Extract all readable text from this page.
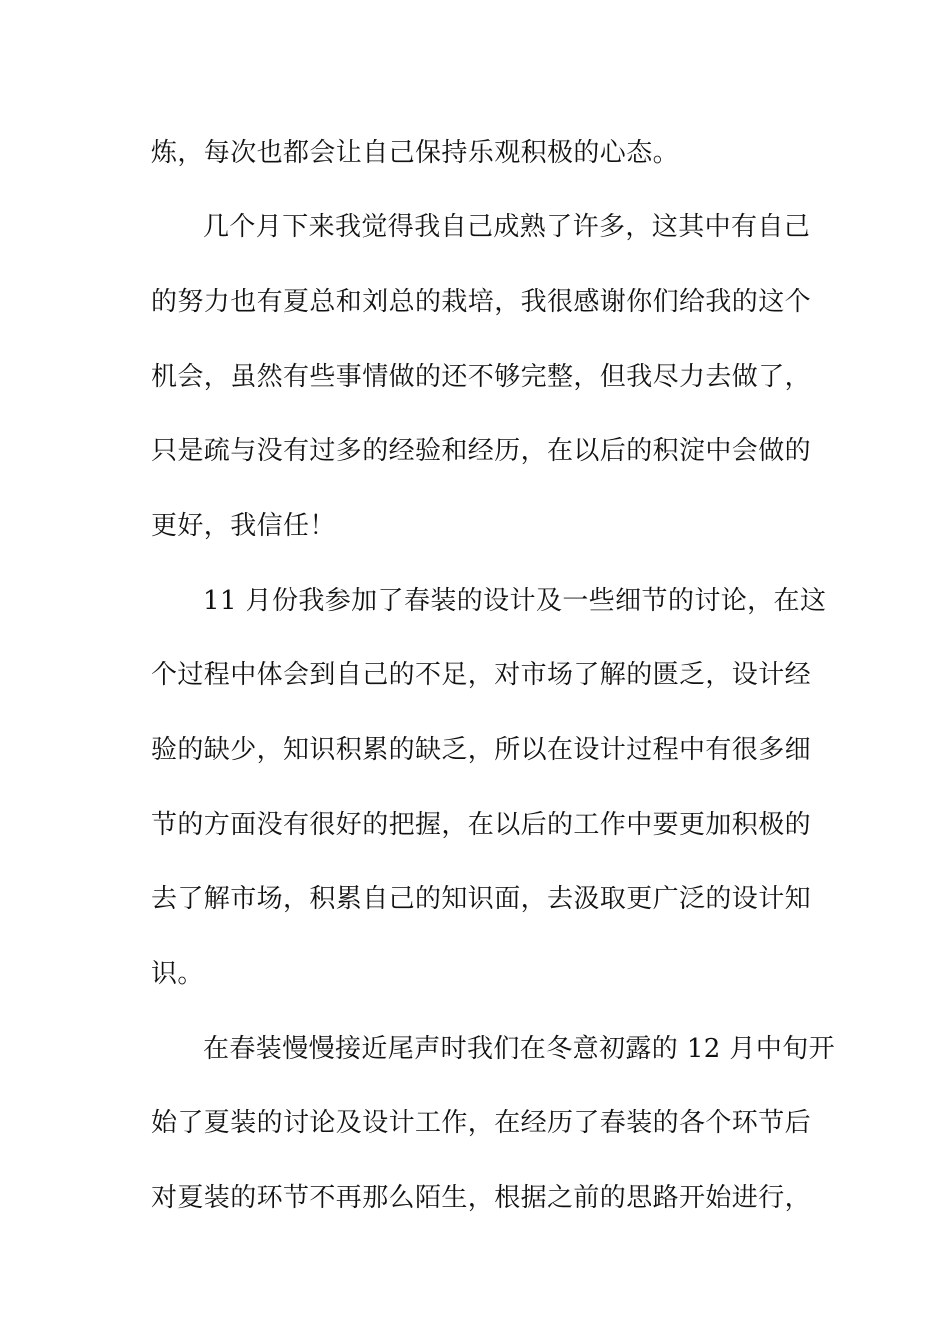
炼，每次也都会让自己保持乐观积极的心态。
几个月下来我觉得我自己成熟了许多，这其中有自己
的努力也有夏总和刘总的栽培，我很感谢你们给我的这个
机会，虽然有些事情做的还不够完整，但我尽力去做了，
只是疏与没有过多的经验和经历，在以后的积淀中会做的
更好，我信任！
11 月份我参加了春装的设计及一些细节的讨论，在这
个过程中体会到自己的不足，对市场了解的匮乏，设计经
验的缺少，知识积累的缺乏，所以在设计过程中有很多细
节的方面没有很好的把握，在以后的工作中要更加积极的
去了解市场，积累自己的知识面，去汲取更广泛的设计知
识。
在春装慢慢接近尾声时我们在冬意初露的 12 月中旬开
始了夏装的讨论及设计工作，在经历了春装的各个环节后
对夏装的环节不再那么陌生，根据之前的思路开始进行，
